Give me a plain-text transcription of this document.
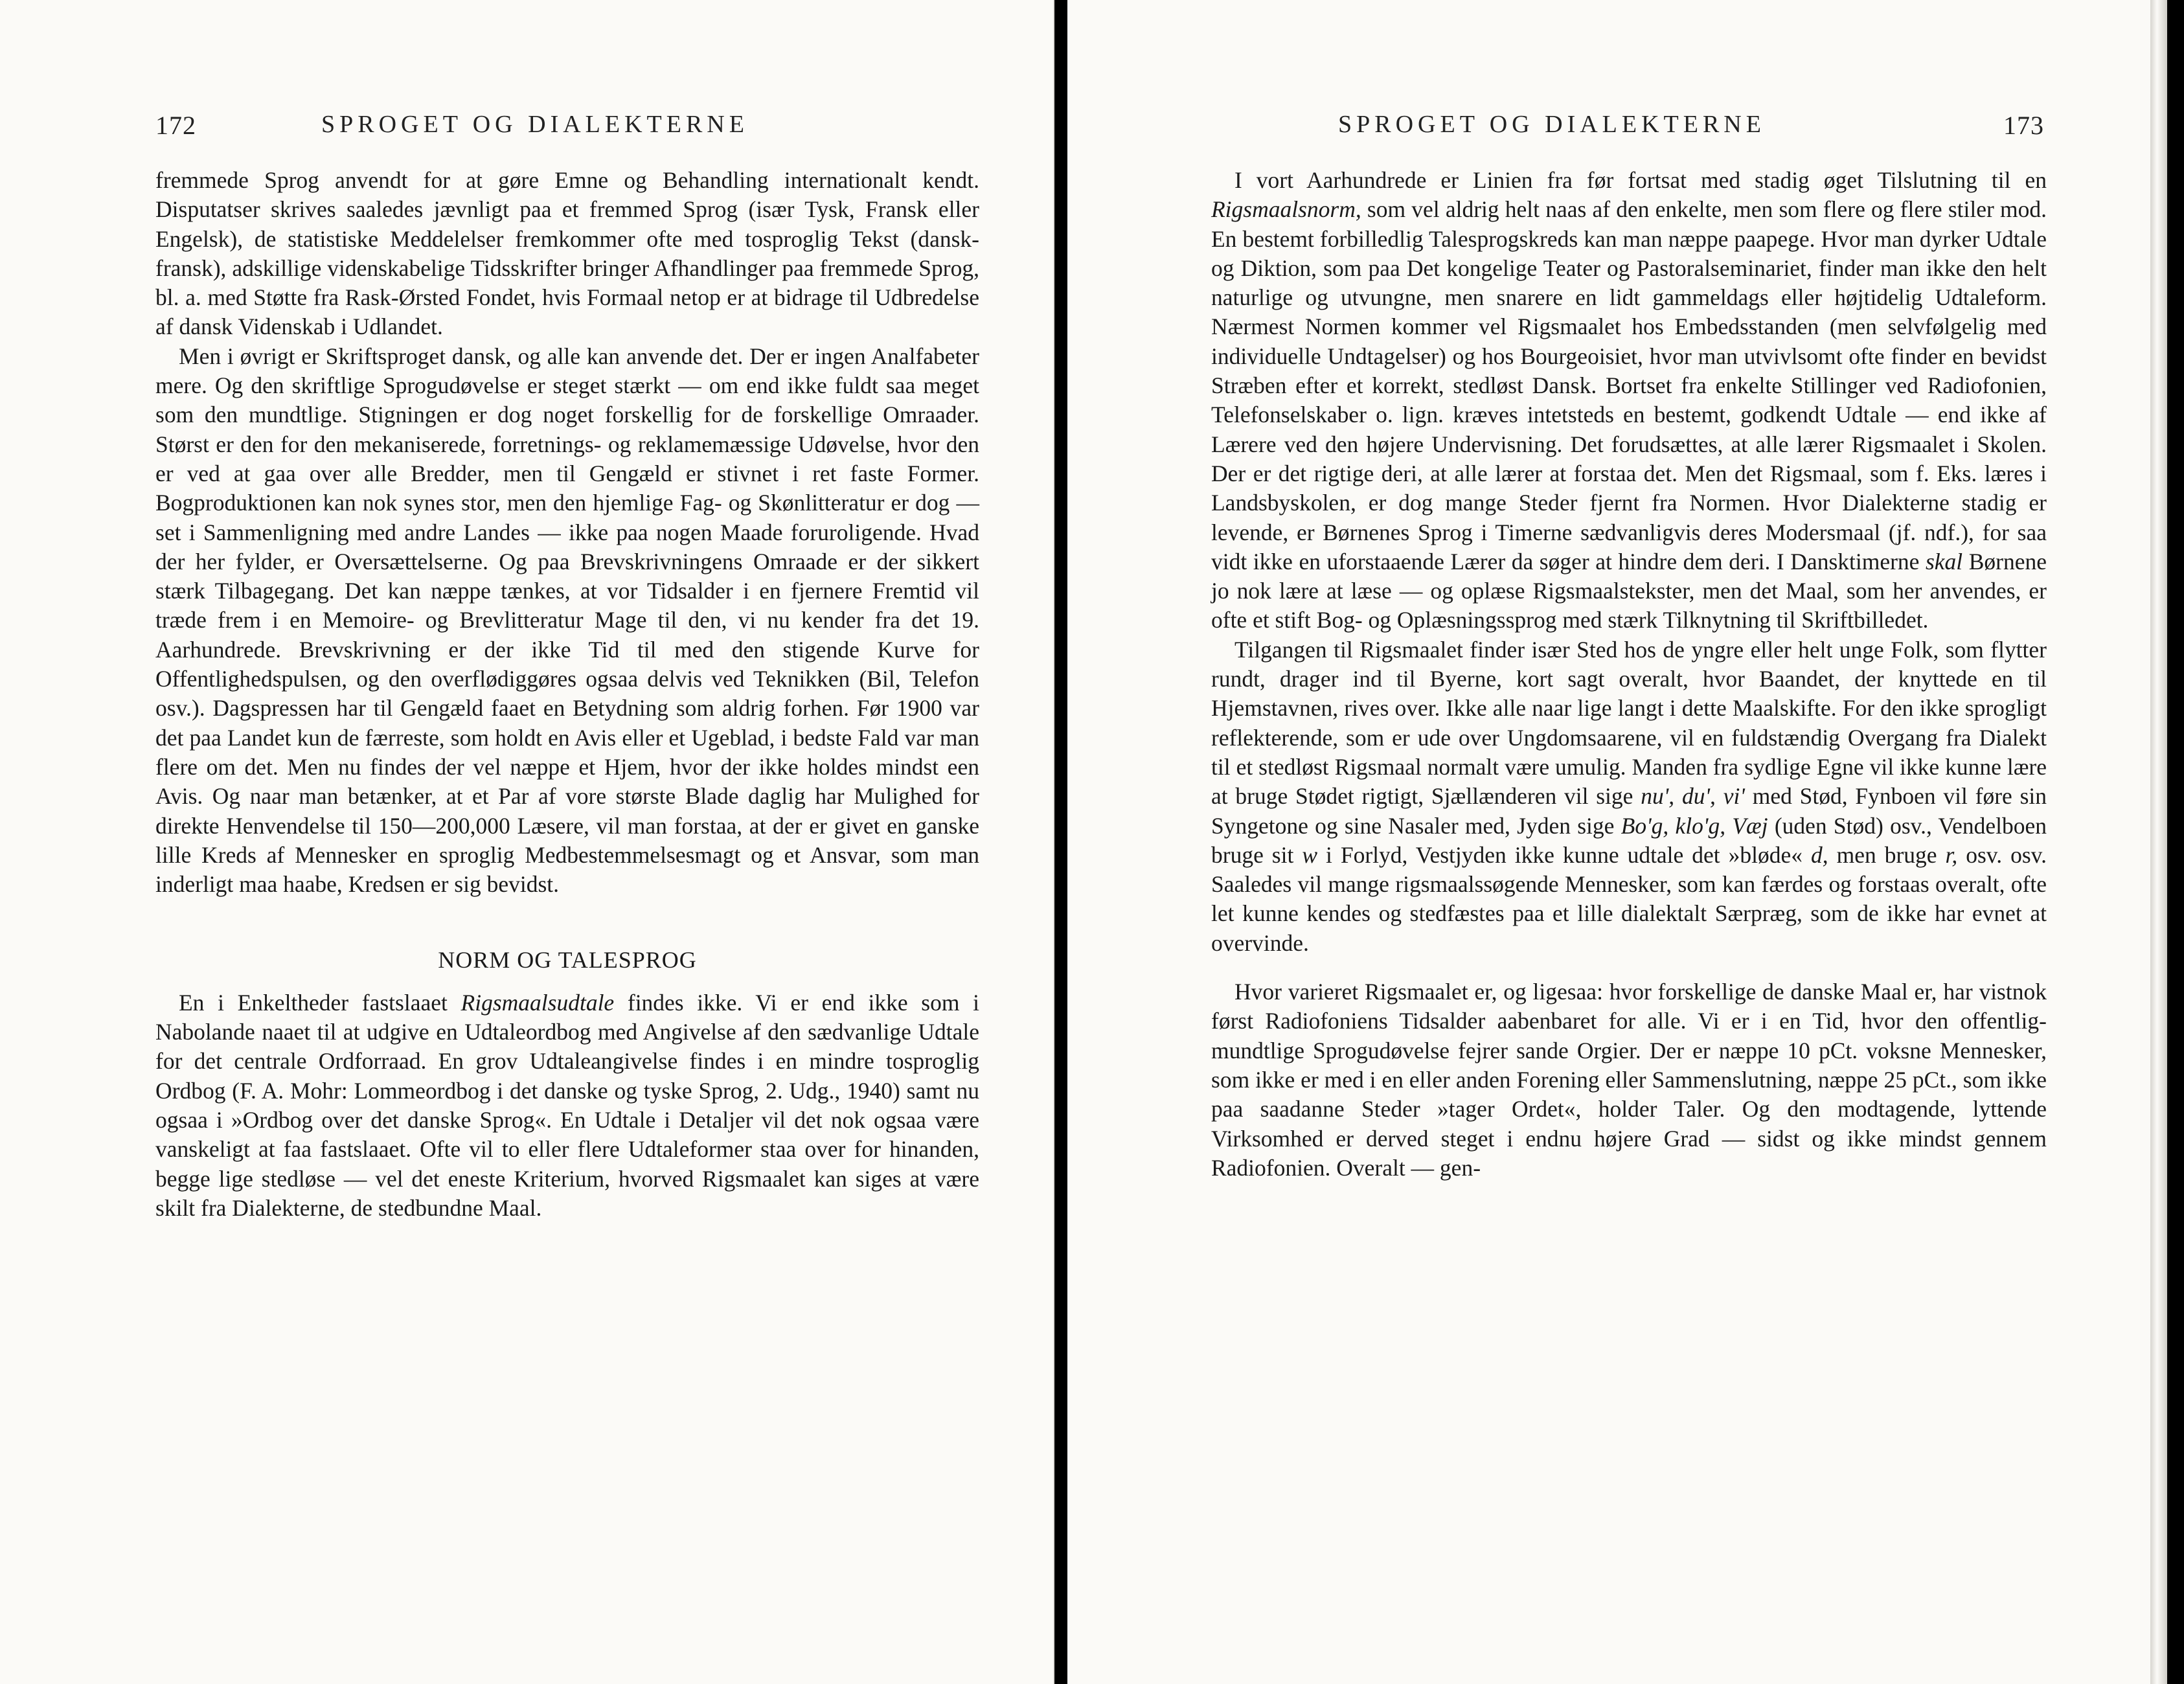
172	SPROGET OG DIALEKTERNE

fremmede Sprog anvendt for at gøre Emne og Behandling internationalt kendt. Disputatser skrives saaledes jævnligt paa et fremmed Sprog (især Tysk, Fransk eller Engelsk), de statistiske Meddelelser fremkommer ofte med tosproglig Tekst (dansk-fransk), adskillige videnskabelige Tidsskrifter bringer Afhandlinger paa fremmede Sprog, bl. a. med Støtte fra Rask-Ørsted Fondet, hvis Formaal netop er at bidrage til Udbredelse af dansk Videnskab i Udlandet.

Men i øvrigt er Skriftsproget dansk, og alle kan anvende det. Der er ingen Analfabeter mere. Og den skriftlige Sprogudøvelse er steget stærkt — om end ikke fuldt saa meget som den mundtlige. Stigningen er dog noget forskellig for de forskellige Omraader. Størst er den for den mekaniserede, forretnings- og reklamemæssige Udøvelse, hvor den er ved at gaa over alle Bredder, men til Gengæld er stivnet i ret faste Former. Bogproduktionen kan nok synes stor, men den hjemlige Fag- og Skønlitteratur er dog — set i Sammenligning med andre Landes — ikke paa nogen Maade foruroligende. Hvad der her fylder, er Oversættelserne. Og paa Brevskrivningens Omraade er der sikkert stærk Tilbagegang. Det kan næppe tænkes, at vor Tidsalder i en fjernere Fremtid vil træde frem i en Memoire- og Brevlitteratur Mage til den, vi nu kender fra det 19. Aarhundrede. Brevskrivning er der ikke Tid til med den stigende Kurve for Offentlighedspulsen, og den overflødiggøres ogsaa delvis ved Teknikken (Bil, Telefon osv.). Dagspressen har til Gengæld faaet en Betydning som aldrig forhen. Før 1900 var det paa Landet kun de færreste, som holdt en Avis eller et Ugeblad, i bedste Fald var man flere om det. Men nu findes der vel næppe et Hjem, hvor der ikke holdes mindst een Avis. Og naar man betænker, at et Par af vore største Blade daglig har Mulighed for direkte Henvendelse til 150—200,000 Læsere, vil man forstaa, at der er givet en ganske lille Kreds af Mennesker en sproglig Medbestemmelsesmagt og et Ansvar, som man inderligt maa haabe, Kredsen er sig bevidst.

NORM OG TALESPROG

En i Enkeltheder fastslaaet Rigsmaalsudtale findes ikke. Vi er end ikke som i Nabolande naaet til at udgive en Udtaleordbog med Angivelse af den sædvanlige Udtale for det centrale Ordforraad. En grov Udtaleangivelse findes i en mindre tosproglig Ordbog (F. A. Mohr: Lommeordbog i det danske og tyske Sprog, 2. Udg., 1940) samt nu ogsaa i »Ordbog over det danske Sprog«. En Udtale i Detaljer vil det nok ogsaa være vanskeligt at faa fastslaaet. Ofte vil to eller flere Udtaleformer staa over for hinanden, begge lige stedløse — vel det eneste Kriterium, hvorved Rigsmaalet kan siges at være skilt fra Dialekterne, de stedbundne Maal.

SPROGET OG DIALEKTERNE	173

I vort Aarhundrede er Linien fra før fortsat med stadig øget Tilslutning til en Rigsmaalsnorm, som vel aldrig helt naas af den enkelte, men som flere og flere stiler mod. En bestemt forbilledlig Talesprogskreds kan man næppe paapege. Hvor man dyrker Udtale og Diktion, som paa Det kongelige Teater og Pastoralseminariet, finder man ikke den helt naturlige og utvungne, men snarere en lidt gammeldags eller højtidelig Udtaleform. Nærmest Normen kommer vel Rigsmaalet hos Embedsstanden (men selvfølgelig med individuelle Undtagelser) og hos Bourgeoisiet, hvor man utvivlsomt ofte finder en bevidst Stræben efter et korrekt, stedløst Dansk. Bortset fra enkelte Stillinger ved Radiofonien, Telefonselskaber o. lign. kræves intetsteds en bestemt, godkendt Udtale — end ikke af Lærere ved den højere Undervisning. Det forudsættes, at alle lærer Rigsmaalet i Skolen. Der er det rigtige deri, at alle lærer at forstaa det. Men det Rigsmaal, som f. Eks. læres i Landsbyskolen, er dog mange Steder fjernt fra Normen. Hvor Dialekterne stadig er levende, er Børnenes Sprog i Timerne sædvanligvis deres Modersmaal (jf. ndf.), for saa vidt ikke en uforstaaende Lærer da søger at hindre dem deri. I Dansktimerne skal Børnene jo nok lære at læse — og oplæse Rigsmaalstekster, men det Maal, som her anvendes, er ofte et stift Bog- og Oplæsningssprog med stærk Tilknytning til Skriftbilledet.

Tilgangen til Rigsmaalet finder især Sted hos de yngre eller helt unge Folk, som flytter rundt, drager ind til Byerne, kort sagt overalt, hvor Baandet, der knyttede en til Hjemstavnen, rives over. Ikke alle naar lige langt i dette Maalskifte. For den ikke sprogligt reflekterende, som er ude over Ungdomsaarene, vil en fuldstændig Overgang fra Dialekt til et stedløst Rigsmaal normalt være umulig. Manden fra sydlige Egne vil ikke kunne lære at bruge Stødet rigtigt, Sjællænderen vil sige nu', du', vi' med Stød, Fynboen vil føre sin Syngetone og sine Nasaler med, Jyden sige Bo'g, klo'g, Væj (uden Stød) osv., Vendelboen bruge sit w i Forlyd, Vestjyden ikke kunne udtale det »bløde« d, men bruge r, osv. osv. Saaledes vil mange rigsmaalssøgende Mennesker, som kan færdes og forstaas overalt, ofte let kunne kendes og stedfæstes paa et lille dialektalt Særpræg, som de ikke har evnet at overvinde.

Hvor varieret Rigsmaalet er, og ligesaa: hvor forskellige de danske Maal er, har vistnok først Radiofoniens Tidsalder aabenbaret for alle. Vi er i en Tid, hvor den offentlig-mundtlige Sprogudøvelse fejrer sande Orgier. Der er næppe 10 pCt. voksne Mennesker, som ikke er med i en eller anden Forening eller Sammenslutning, næppe 25 pCt., som ikke paa saadanne Steder »tager Ordet«, holder Taler. Og den modtagende, lyttende Virksomhed er derved steget i endnu højere Grad — sidst og ikke mindst gennem Radiofonien. Overalt — gen-
